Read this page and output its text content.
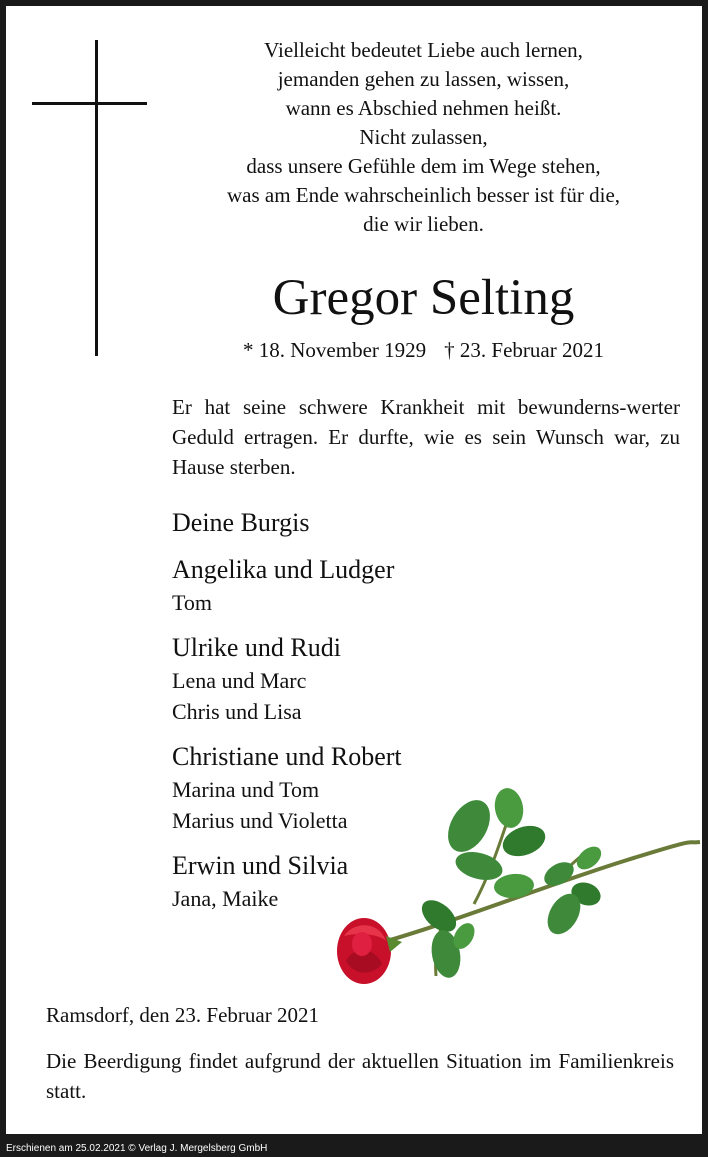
Vielleicht bedeutet Liebe auch lernen,
jemanden gehen zu lassen, wissen,
wann es Abschied nehmen heißt.
Nicht zulassen,
dass unsere Gefühle dem im Wege stehen,
was am Ende wahrscheinlich besser ist für die,
die wir lieben.
Gregor Selting
* 18. November 1929 † 23. Februar 2021
Er hat seine schwere Krankheit mit bewunderns-werter Geduld ertragen. Er durfte, wie es sein Wunsch war, zu Hause sterben.
Deine Burgis
Angelika und Ludger
Tom
Ulrike und Rudi
Lena und Marc
Chris und Lisa
Christiane und Robert
Marina und Tom
Marius und Violetta
Erwin und Silvia
Jana, Maike
Ramsdorf, den 23. Februar 2021
Die Beerdigung findet aufgrund der aktuellen Situation im Familienkreis statt.
Erschienen am 25.02.2021 © Verlag J. Mergelsberg GmbH
